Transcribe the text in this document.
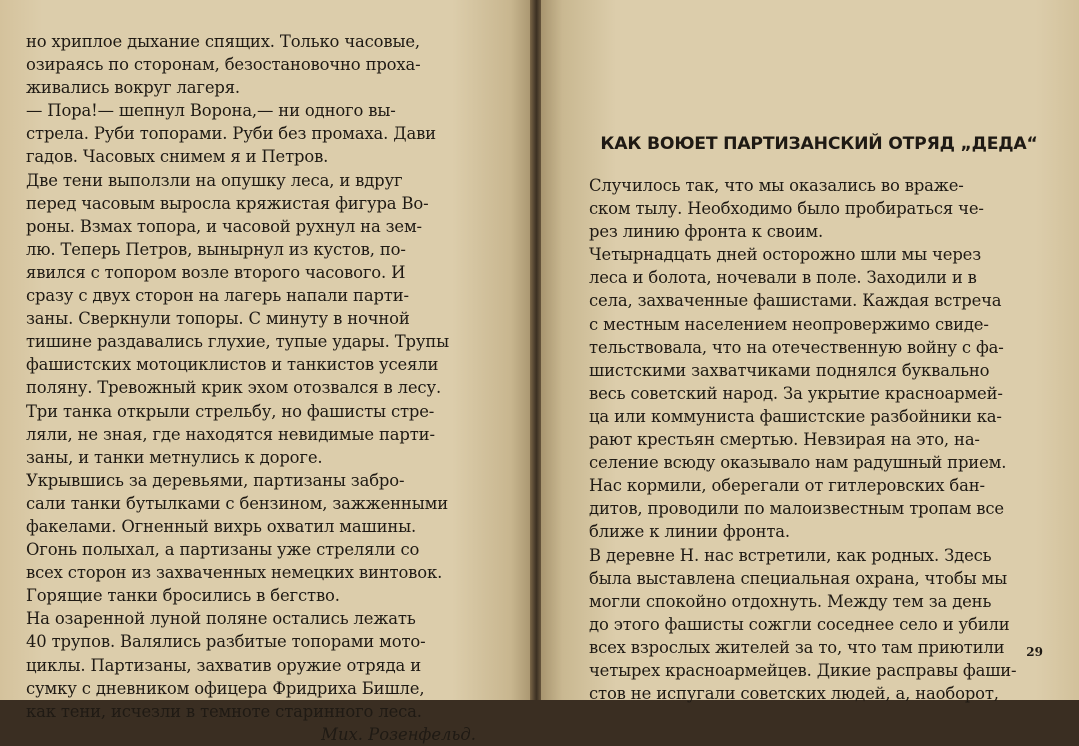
но хриплое дыхание спящих. Только часовые,
озираясь по сторонам, безостановочно проха-
живались вокруг лагеря.

— Пора!— шепнул Ворона,— ни одного вы-
стрела. Руби топорами. Руби без промаха. Дави
гадов. Часовых снимем я и Петров.

Две тени выползли на опушку леса, и вдруг
перед часовым выросла кряжистая фигура Во-
роны. Взмах топора, и часовой рухнул на зем-
лю. Теперь Петров, вынырнул из кустов, по-
явился с топором возле второго часового. И
сразу с двух сторон на лагерь напали парти-
заны. Сверкнули топоры. С минуту в ночной
тишине раздавались глухие, тупые удары. Трупы
фашистских мотоциклистов и танкистов усеяли
поляну. Тревожный крик эхом отозвался в лесу.
Три танка открыли стрельбу, но фашисты стре-
ляли, не зная, где находятся невидимые парти-
заны, и танки метнулись к дороге.

Укрывшись за деревьями, партизаны забро-
сали танки бутылками с бензином, зажженными
факелами. Огненный вихрь охватил машины.
Огонь полыхал, а партизаны уже стреляли со
всех сторон из захваченных немецких винтовок.
Горящие танки бросились в бегство.

На озаренной луной поляне остались лежать
40 трупов. Валялись разбитые топорами мото-
циклы. Партизаны, захватив оружие отряда и
сумку с дневником офицера Фридриха Бишле,
как тени, исчезли в темноте старинного леса.

Мих. Розенфельд.

КАК ВОЮЕТ ПАРТИЗАНСКИЙ ОТРЯД „ДЕДА“

Случилось так, что мы оказались во враже-
ском тылу. Необходимо было пробираться че-
рез линию фронта к своим.

Четырнадцать дней осторожно шли мы через
леса и болота, ночевали в поле. Заходили и в
села, захваченные фашистами. Каждая встреча
с местным населением неопровержимо свиде-
тельствовала, что на отечественную войну с фа-
шистскими захватчиками поднялся буквально
весь советский народ. За укрытие красноармей-
ца или коммуниста фашистские разбойники ка-
рают крестьян смертью. Невзирая на это, на-
селение всюду оказывало нам радушный прием.
Нас кормили, оберегали от гитлеровских бан-
дитов, проводили по малоизвестным тропам все
ближе к линии фронта.

В деревне Н. нас встретили, как родных. Здесь
была выставлена специальная охрана, чтобы мы
могли спокойно отдохнуть. Между тем за день
до этого фашисты сожгли соседнее село и убили
всех взрослых жителей за то, что там приютили
четырех красноармейцев. Дикие расправы фаши-
стов не испугали советских людей, а, наоборот,

29
